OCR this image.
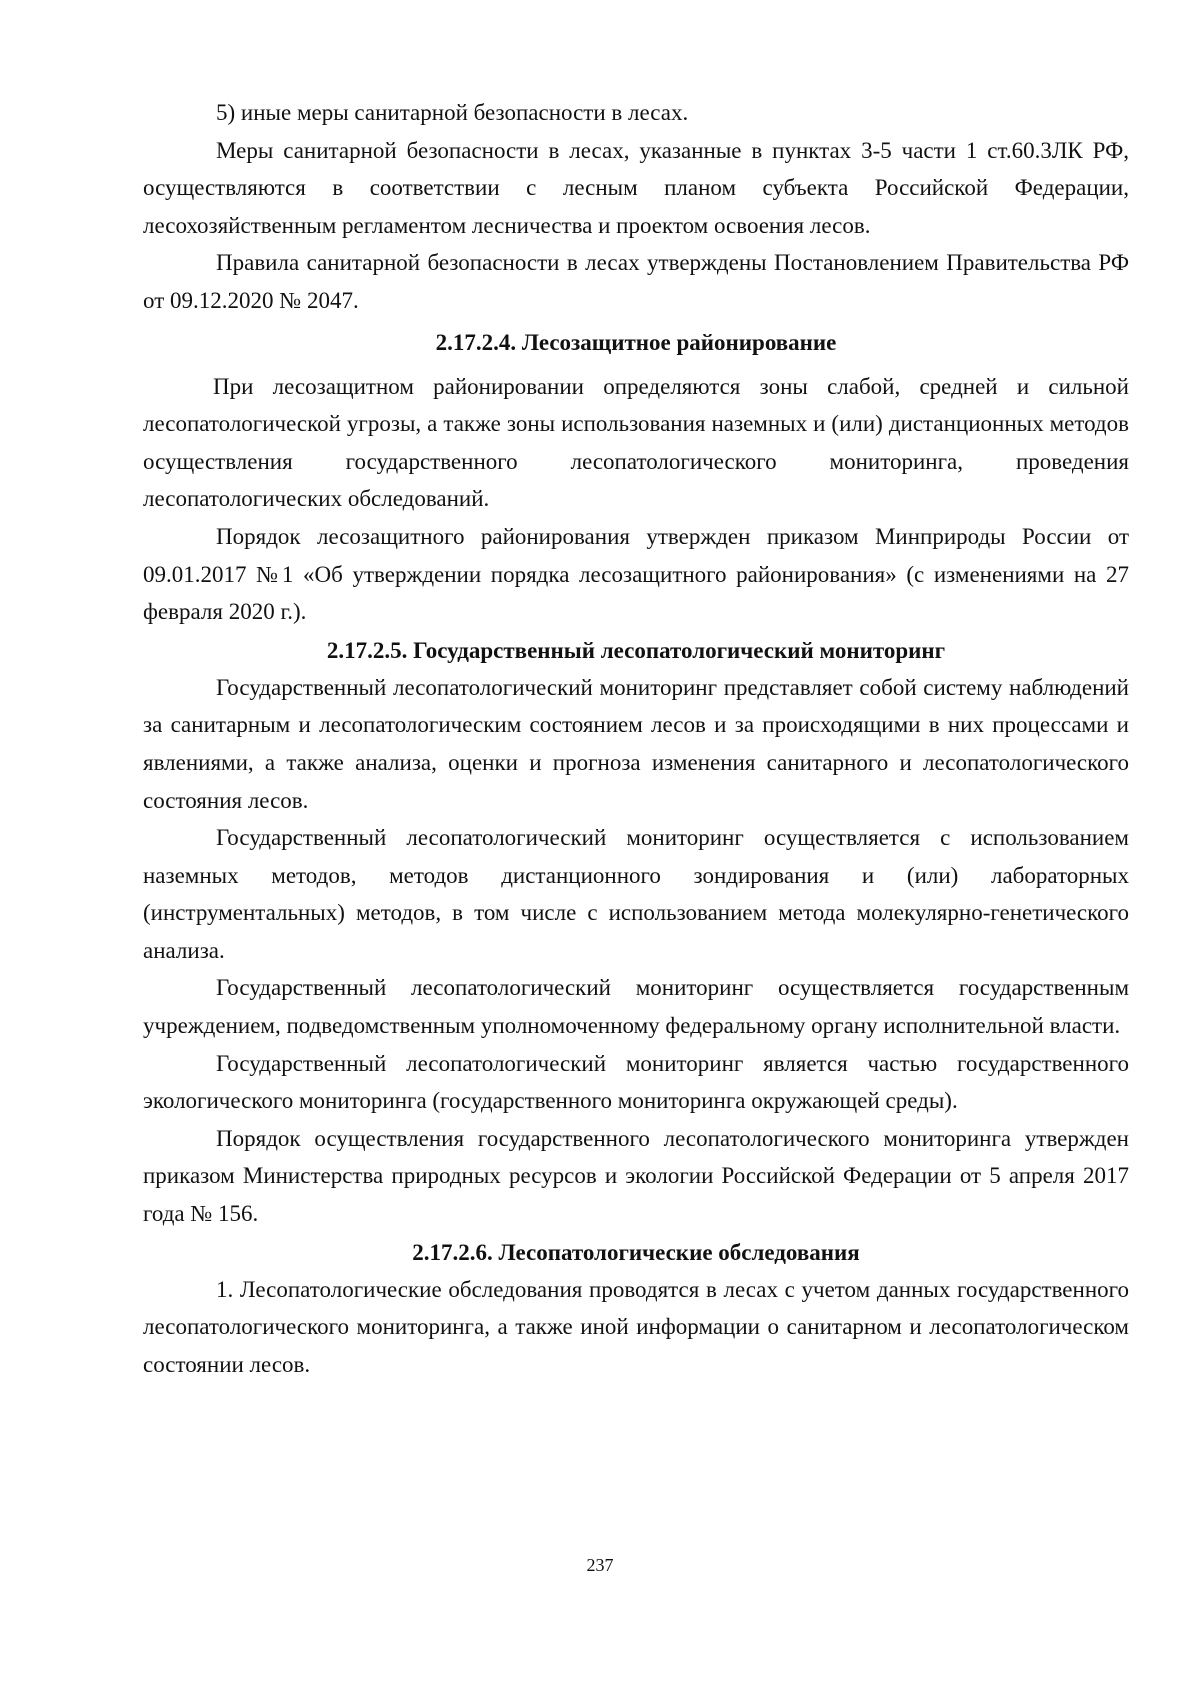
5) иные меры санитарной безопасности в лесах.

Меры санитарной безопасности в лесах, указанные в пунктах 3-5 части 1 ст.60.3ЛК РФ, осуществляются в соответствии с лесным планом субъекта Российской Федерации, лесохозяйственным регламентом лесничества и проектом освоения лесов.

Правила санитарной безопасности в лесах утверждены Постановлением Правительства РФ от 09.12.2020 № 2047.

2.17.2.4. Лесозащитное районирование

При лесозащитном районировании определяются зоны слабой, средней и сильной лесопатологической угрозы, а также зоны использования наземных и (или) дистанционных методов осуществления государственного лесопатологического мониторинга, проведения лесопатологических обследований.

Порядок лесозащитного районирования утвержден приказом Минприроды России от 09.01.2017 №1 «Об утверждении порядка лесозащитного районирования» (с изменениями на 27 февраля 2020 г.).

2.17.2.5. Государственный лесопатологический мониторинг

Государственный лесопатологический мониторинг представляет собой систему наблюдений за санитарным и лесопатологическим состоянием лесов и за происходящими в них процессами и явлениями, а также анализа, оценки и прогноза изменения санитарного и лесопатологического состояния лесов.

Государственный лесопатологический мониторинг осуществляется с использованием наземных методов, методов дистанционного зондирования и (или) лабораторных (инструментальных) методов, в том числе с использованием метода молекулярно-генетического анализа.

Государственный лесопатологический мониторинг осуществляется государственным учреждением, подведомственным уполномоченному федеральному органу исполнительной власти.

Государственный лесопатологический мониторинг является частью государственного экологического мониторинга (государственного мониторинга окружающей среды).

Порядок осуществления государственного лесопатологического мониторинга утвержден приказом Министерства природных ресурсов и экологии Российской Федерации от 5 апреля 2017 года № 156.

2.17.2.6. Лесопатологические обследования

1. Лесопатологические обследования проводятся в лесах с учетом данных государственного лесопатологического мониторинга, а также иной информации о санитарном и лесопатологическом состоянии лесов.

237
